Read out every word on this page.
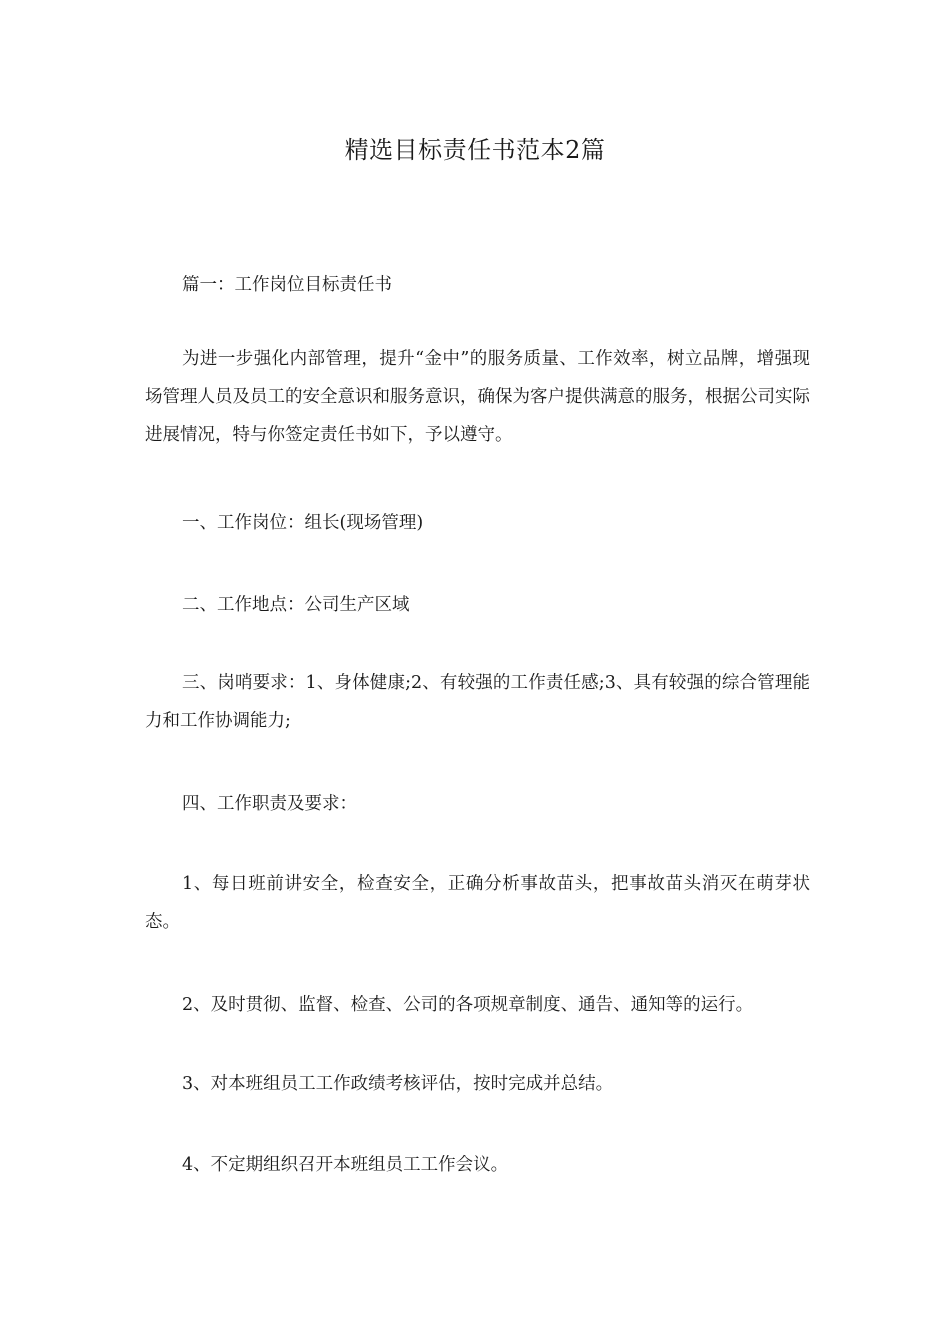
精选目标责任书范本2篇

篇一：工作岗位目标责任书

为进一步强化内部管理，提升“金中”的服务质量、工作效率，树立品牌，增强现场管理人员及员工的安全意识和服务意识，确保为客户提供满意的服务，根据公司实际进展情况，特与你签定责任书如下，予以遵守。

一、工作岗位：组长(现场管理)

二、工作地点：公司生产区域

三、岗哨要求：1、身体健康;2、有较强的工作责任感;3、具有较强的综合管理能力和工作协调能力;

四、工作职责及要求：

1、每日班前讲安全，检查安全，正确分析事故苗头，把事故苗头消灭在萌芽状态。

2、及时贯彻、监督、检查、公司的各项规章制度、通告、通知等的运行。

3、对本班组员工工作政绩考核评估，按时完成并总结。

4、不定期组织召开本班组员工工作会议。
